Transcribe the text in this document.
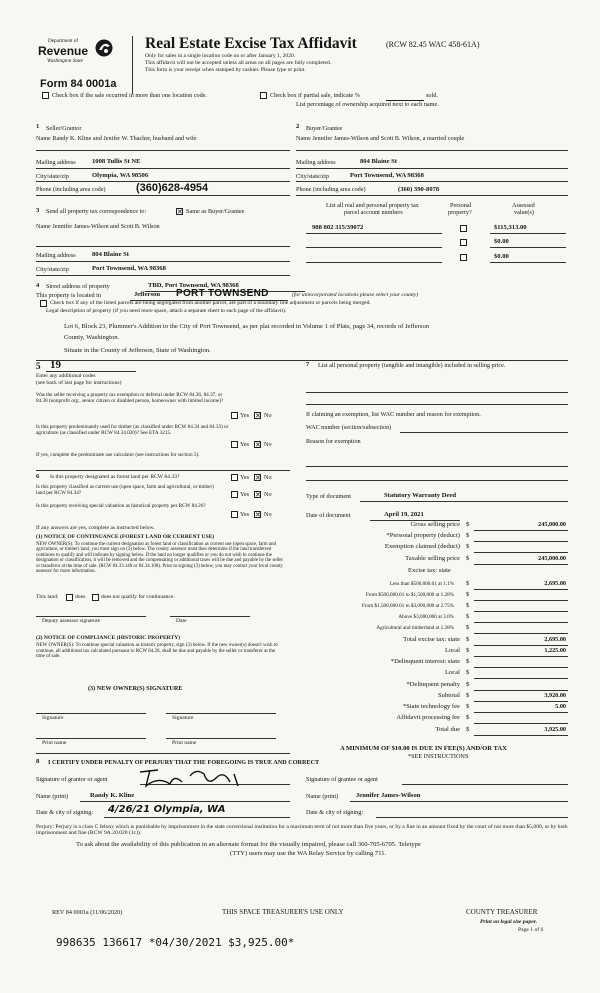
Department of
Revenue
Washington State
Form 84 0001a
Real Estate Excise Tax Affidavit	(RCW 82.45 WAC 458-61A)
Only for sales in a single location code on or after January 1, 2020.
This affidavit will not be accepted unless all areas on all pages are fully completed.
This form is your receipt when stamped by cashier. Please type or print.
Check box if the sale occurred in more than one location code.	Check box if partial sale, indicate %	sold.
List percentage of ownership acquired next to each name.
1 Seller/Grantor
Name Randy K. Kline and Jenifer W. Thacher, husband and wife
Mailing address 1008 Tullis St NE
City/state/zip	Olympia, WA 98506
Phone (including area code)	(360)628-4954
2 Buyer/Grantee
Name Jennifer James-Wilson and Scott B. Wilson, a married couple
Mailing address	804 Blaine St
City/state/zip	Port Townsend, WA 98368
Phone (including area code)	(360) 390-8078
3 Send all property tax correspondence to:	✕ Same as Buyer/Grantee
Name Jennifer James-Wilson and Scott B. Wilson
Mailing address 804 Blaine St
City/state/zip	Port Townsend, WA 98368
List all real and personal property tax
parcel account numbers
Personal
property?
Assessed
value(s)
988 802 315/39072	$115,313.00
$0.00
$0.00
4 Street address of property	TBD, Port Townsend, WA 98368
This property is located in	Jefferson PORT TOWNSEND	(for unincorporated locations please select your county)
Check box if any of the listed parcels are being segregated from another parcel, are part of a boundary line adjustment or parcels being merged.
Legal description of property (if you need more space, attach a separate sheet to each page of the affidavit).
Lot 6, Block 23, Plummer's Addition to the City of Port Townsend, as per plat recorded in Volume 1 of Plats, page 34, records of Jefferson
County, Washington.
Situate in the County of Jefferson, State of Washington.
5 19
Enter any additional codes
(see back of last page for instructions)
Was the seller receiving a property tax exemption or deferral under RCW 84.36, 84.37, or 84.38 (nonprofit org., senior citizen or disabled person, homeowner with limited income)?
Yes ✕ No
Is this property predominantly used for timber (as classified under RCW 84.34 and 84.33) or agriculture (as classified under RCW 84.34.020)? See ETA 3215.
Yes ✕ No
If yes, complete the predominate use calculator (see instructions for section 5).
6 Is this property designated as forest land per RCW 84.33?	Yes ✕ No
Is this property classified as current use (open space, farm and agricultural, or timber) land per RCW 84.34?	Yes ✕ No
Is this property receiving special valuation as historical property per RCW 84.26?
Yes ✕ No
If any answers are yes, complete as instructed below.
(1) NOTICE OF CONTINUANCE (FOREST LAND OR CURRENT USE)
NEW OWNER(S): To continue the current designation as forest land or classification as current use (open space, farm and agriculture, or timber) land, you must sign on (3) below. The county assessor must then determine if the land transferred continues to qualify and will indicate by signing below. If the land no longer qualifies or you do not wish to continue the designation or classification, it will be removed and the compensating or additional taxes will be due and payable by the seller or transferor at the time of sale. (RCW 84.33.140 or 84.34.108). Prior to signing (3) below, you may contact your local county assessor for more information.
This land:	does	does not qualify for continuance.
Deputy assessor signature	Date
(2) NOTICE OF COMPLIANCE (HISTORIC PROPERTY)
NEW OWNER(S): To continue special valuation as historic property, sign (3) below. If the new owner(s) doesn't wish to continue, all additional tax calculated pursuant to RCW 84.26, shall be due and payable by the seller or transferor at the time of sale.
(3) NEW OWNER(S) SIGNATURE
Signature	Signature
Print name	Print name
7 List all personal property (tangible and intangible) included in selling price.
If claiming an exemption, list WAC number and reason for exemption.
WAC number (section/subsection)
Reason for exemption
Type of document	Statutory Warranty Deed
Date of document	April 19, 2021
Gross selling price $	245,000.00
*Personal property (deduct) $
Exemption claimed (deduct) $
Taxable selling price $	245,000.00
Excise tax: state
Less than $500,000.01 at 1.1% $	2,695.00
From $500,000.01 to $1,500,000 at 1.28% $
From $1,500,000.01 to $3,000,000 at 2.75% $
Above $3,000,000 at 3.0% $
Agricultural and timberland at 1.28% $
Total excise tax: state $	2,695.00
Local $	1,225.00
*Delinquent interest: state $
Local $
*Delinquent penalty $
Subtotal $	3,920.00
*State technology fee $	5.00
Affidavit processing fee $
Total due $	3,925.00
A MINIMUM OF $10.00 IS DUE IN FEE(S) AND/OR TAX
*SEE INSTRUCTIONS
8 I CERTIFY UNDER PENALTY OF PERJURY THAT THE FOREGOING IS TRUE AND CORRECT
Signature of grantor or agent
Name (print)	Randy K. Kline
Date & city of signing: 4/26/21 Olympia, WA
Signature of grantee or agent
Name (print)	Jennifer James-Wilson
Date & city of signing:
Perjury: Perjury is a class C felony which is punishable by imprisonment in the state correctional institution for a maximum term of not more than five years, or by a fine in an amount fixed by the court of not more than $5,000, or by both imprisonment and fine (RCW 9A.20.020 (1c)).
To ask about the availability of this publication in an alternate format for the visually impaired, please call 360-705-6705. Teletype
(TTY) users may use the WA Relay Service by calling 711.
REV 84 0001a (11/06/2020)	THIS SPACE TREASURER'S USE ONLY	COUNTY TREASURER
Print on legal size paper.
Page 1 of 6
998635 136617 *04/30/2021 $3,925.00*
